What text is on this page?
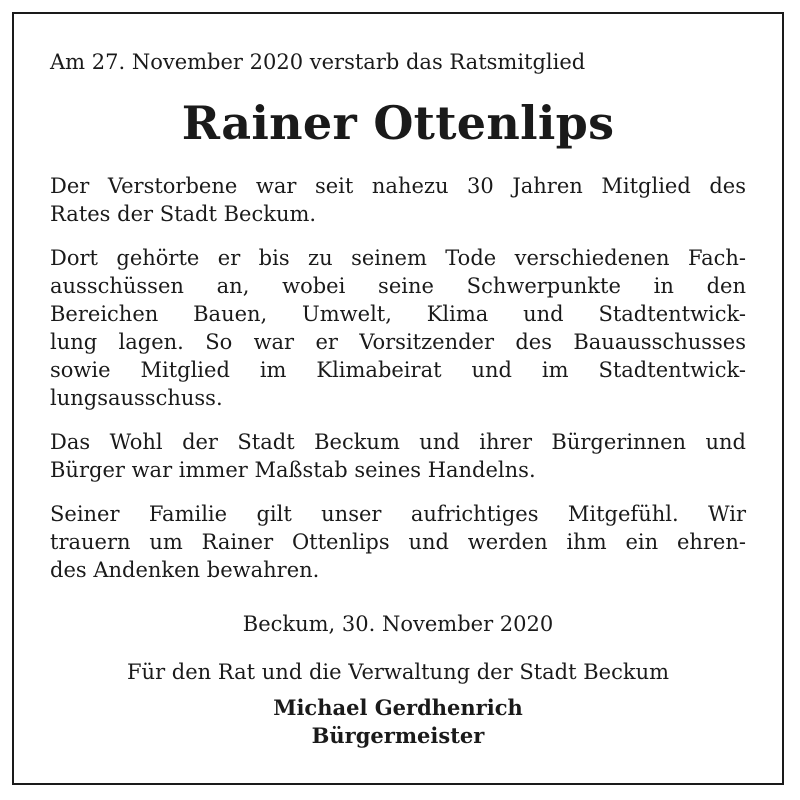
Am 27. November 2020 verstarb das Ratsmitglied
Rainer Ottenlips

Der Verstorbene war seit nahezu 30 Jahren Mitglied des
Rates der Stadt Beckum.

Dort gehörte er bis zu seinem Tode verschiedenen Fach-
ausschüssen an, wobei seine Schwerpunkte in den
Bereichen Bauen, Umwelt, Klima und Stadtentwick-
lung lagen. So war er Vorsitzender des Bauausschusses
sowie Mitglied im Klimabeirat und im Stadtentwick-
lungsausschuss.

Das Wohl der Stadt Beckum und ihrer Bürgerinnen und
Bürger war immer Maßstab seines Handelns.

Seiner Familie gilt unser aufrichtiges Mitgefühl. Wir
trauern um Rainer Ottenlips und werden ihm ein ehren-
des Andenken bewahren.

Beckum, 30. November 2020
Für den Rat und die Verwaltung der Stadt Beckum
Michael Gerdhenrich
Bürgermeister
